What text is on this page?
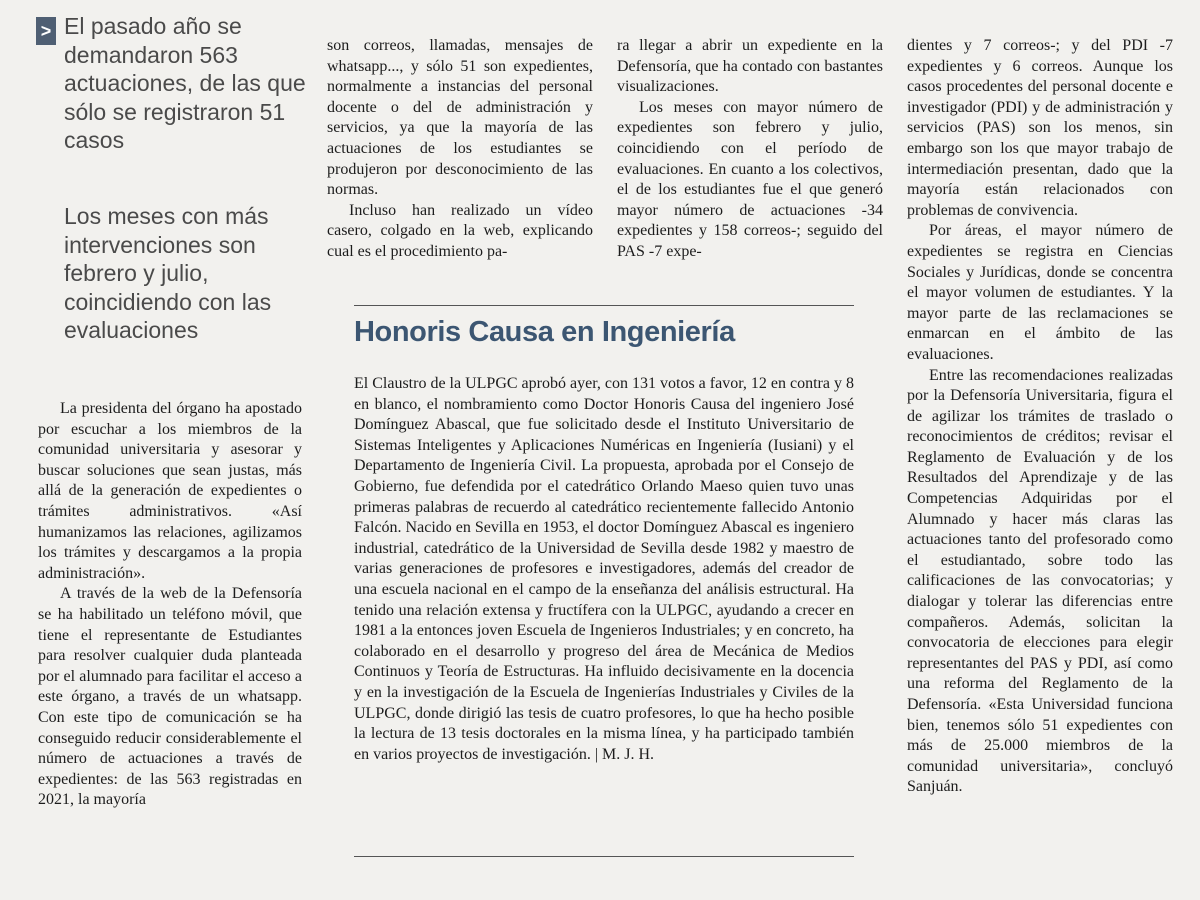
> El pasado año se demandaron 563 actuaciones, de las que sólo se registraron 51 casos
Los meses con más intervenciones son febrero y julio, coincidiendo con las evaluaciones

La presidenta del órgano ha apostado por escuchar a los miembros de la comunidad universitaria y asesorar y buscar soluciones que sean justas, más allá de la generación de expedientes o trámites administrativos. «Así humanizamos las relaciones, agilizamos los trámites y descargamos a la propia administración».

A través de la web de la Defensoría se ha habilitado un teléfono móvil, que tiene el representante de Estudiantes para resolver cualquier duda planteada por el alumnado para facilitar el acceso a este órgano, a través de un whatsapp. Con este tipo de comunicación se ha conseguido reducir considerablemente el número de actuaciones a través de expedientes: de las 563 registradas en 2021, la mayoría

son correos, llamadas, mensajes de whatsapp..., y sólo 51 son expedientes, normalmente a instancias del personal docente o del de administración y servicios, ya que la mayoría de las actuaciones de los estudiantes se produjeron por desconocimiento de las normas.

Incluso han realizado un vídeo casero, colgado en la web, explicando cual es el procedimiento pa-

ra llegar a abrir un expediente en la Defensoría, que ha contado con bastantes visualizaciones.

Los meses con mayor número de expedientes son febrero y julio, coincidiendo con el período de evaluaciones. En cuanto a los colectivos, el de los estudiantes fue el que generó mayor número de actuaciones -34 expedientes y 158 correos-; seguido del PAS -7 expe-

dientes y 7 correos-; y del PDI -7 expedientes y 6 correos. Aunque los casos procedentes del personal docente e investigador (PDI) y de administración y servicios (PAS) son los menos, sin embargo son los que mayor trabajo de intermediación presentan, dado que la mayoría están relacionados con problemas de convivencia.

Por áreas, el mayor número de expedientes se registra en Ciencias Sociales y Jurídicas, donde se concentra el mayor volumen de estudiantes. Y la mayor parte de las reclamaciones se enmarcan en el ámbito de las evaluaciones.

Entre las recomendaciones realizadas por la Defensoría Universitaria, figura el de agilizar los trámites de traslado o reconocimientos de créditos; revisar el Reglamento de Evaluación y de los Resultados del Aprendizaje y de las Competencias Adquiridas por el Alumnado y hacer más claras las actuaciones tanto del profesorado como el estudiantado, sobre todo las calificaciones de las convocatorias; y dialogar y tolerar las diferencias entre compañeros. Además, solicitan la convocatoria de elecciones para elegir representantes del PAS y PDI, así como una reforma del Reglamento de la Defensoría. «Esta Universidad funciona bien, tenemos sólo 51 expedientes con más de 25.000 miembros de la comunidad universitaria», concluyó Sanjuán.

Honoris Causa en Ingeniería

El Claustro de la ULPGC aprobó ayer, con 131 votos a favor, 12 en contra y 8 en blanco, el nombramiento como Doctor Honoris Causa del ingeniero José Domínguez Abascal, que fue solicitado desde el Instituto Universitario de Sistemas Inteligentes y Aplicaciones Numéricas en Ingeniería (Iusiani) y el Departamento de Ingeniería Civil. La propuesta, aprobada por el Consejo de Gobierno, fue defendida por el catedrático Orlando Maeso quien tuvo unas primeras palabras de recuerdo al catedrático recientemente fallecido Antonio Falcón. Nacido en Sevilla en 1953, el doctor Domínguez Abascal es ingeniero industrial, catedrático de la Universidad de Sevilla desde 1982 y maestro de varias generaciones de profesores e investigadores, además del creador de una escuela nacional en el campo de la enseñanza del análisis estructural. Ha tenido una relación extensa y fructífera con la ULPGC, ayudando a crecer en 1981 a la entonces joven Escuela de Ingenieros Industriales; y en concreto, ha colaborado en el desarrollo y progreso del área de Mecánica de Medios Continuos y Teoría de Estructuras. Ha influido decisivamente en la docencia y en la investigación de la Escuela de Ingenierías Industriales y Civiles de la ULPGC, donde dirigió las tesis de cuatro profesores, lo que ha hecho posible la lectura de 13 tesis doctorales en la misma línea, y ha participado también en varios proyectos de investigación. | M. J. H.
